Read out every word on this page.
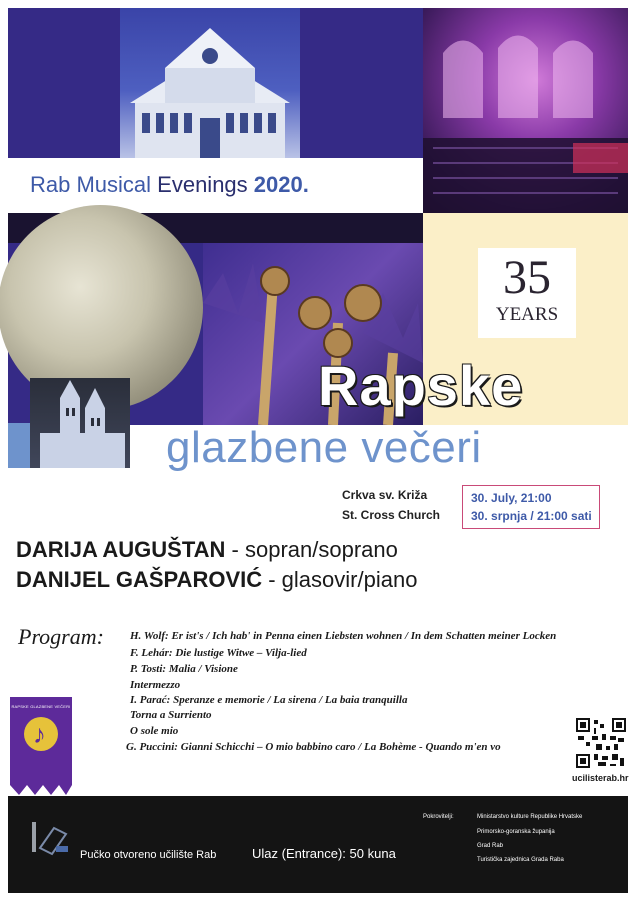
Rab Musical Evenings 2020.
35
YEARS
Rapske
glazbene večeri
Crkva sv. Križa
St. Cross Church
30. July, 21:00
30. srpnja / 21:00 sati
DARIJA AUGUŠTAN - sopran/soprano
DANIJEL GAŠPAROVIĆ - glasovir/piano
Program: H. Wolf: Er ist's / Ich hab' in Penna einen Liebsten wohnen / In dem Schatten meiner Locken
F. Lehár: Die lustige Witwe – Vilja-lied
P. Tosti: Malia / Visione
Intermezzo
I. Parać: Speranze e memorie / La sirena / La baia tranquilla
Torna a Surriento
O sole mio
G. Puccini: Gianni Schicchi – O mio babbino caro / La Bohème - Quando m'en vo
RAPSKE GLAZBENE VEČERI
♪
ucilisterab.hr
Pučko otvoreno učilište Rab	Ulaz (Entrance): 50 kuna
Pokrovitelji:	Ministarstvo kulture Republike Hrvatske
Primorsko-goranska županija
Grad Rab
Turistička zajednica Grada Raba
